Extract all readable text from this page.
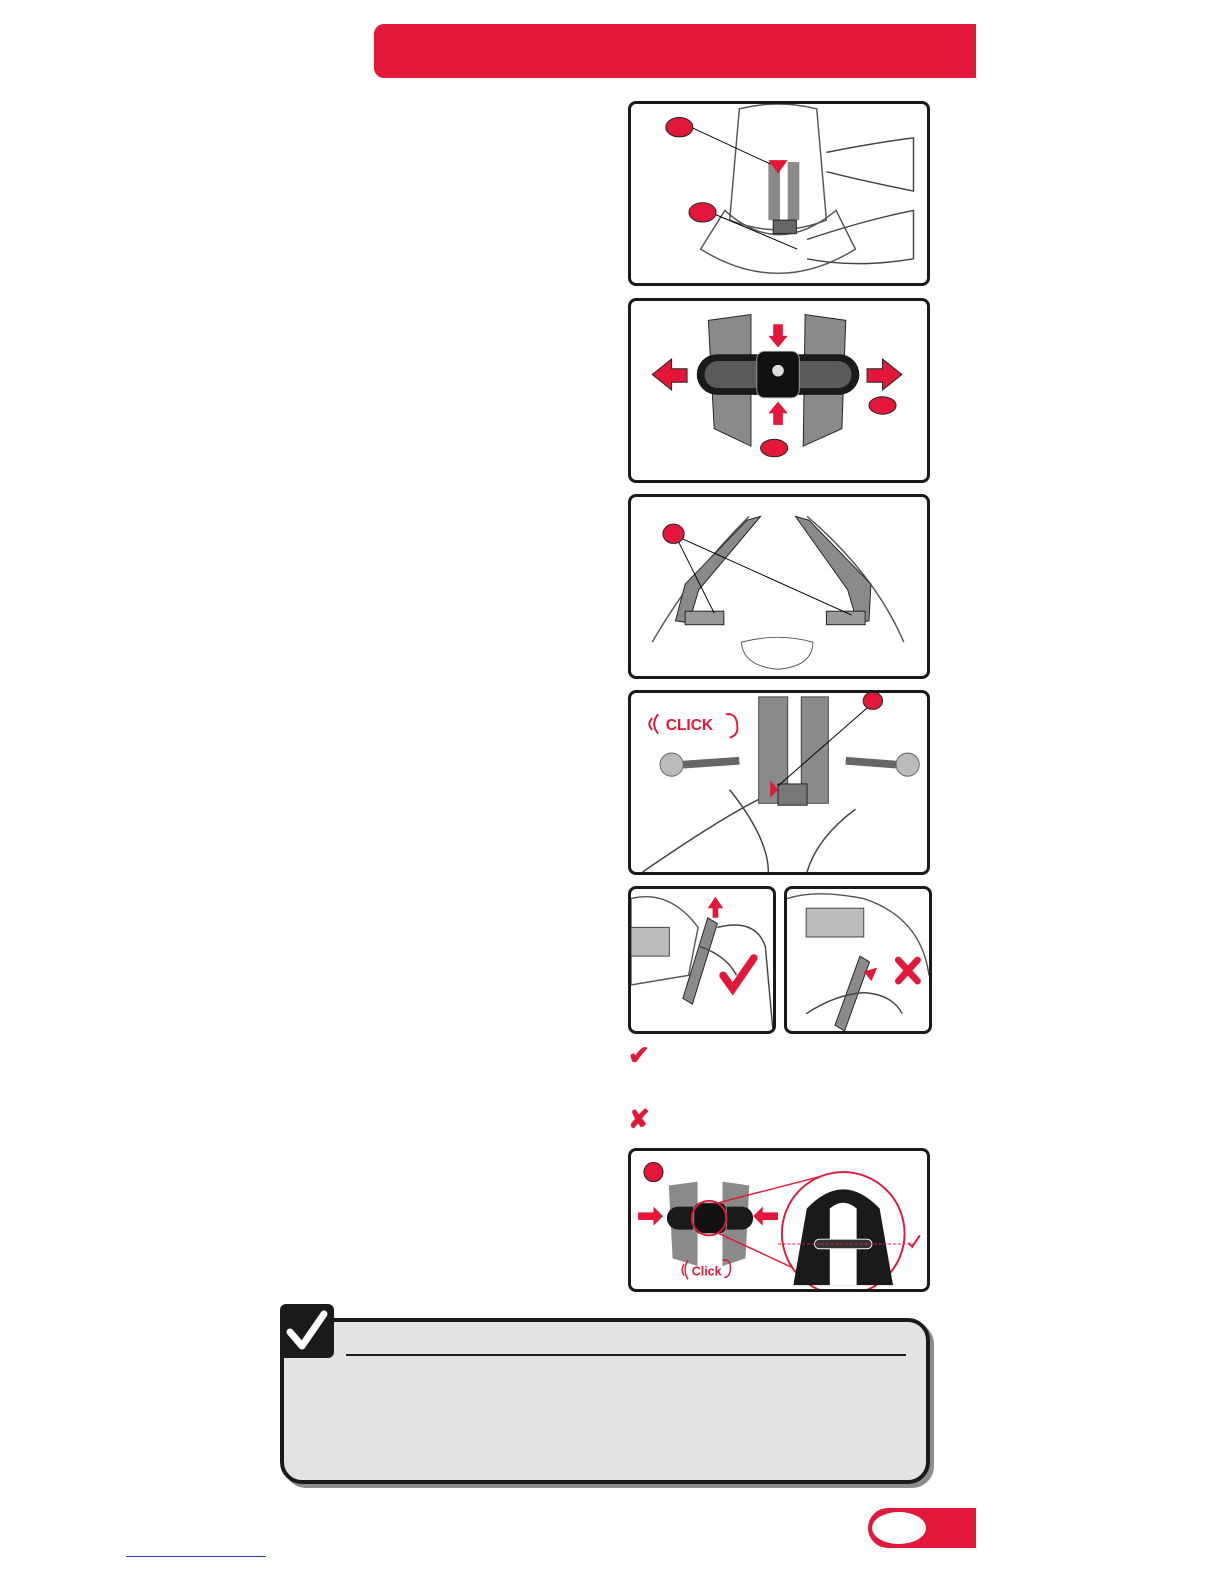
CLICK
✔
✘
Click
